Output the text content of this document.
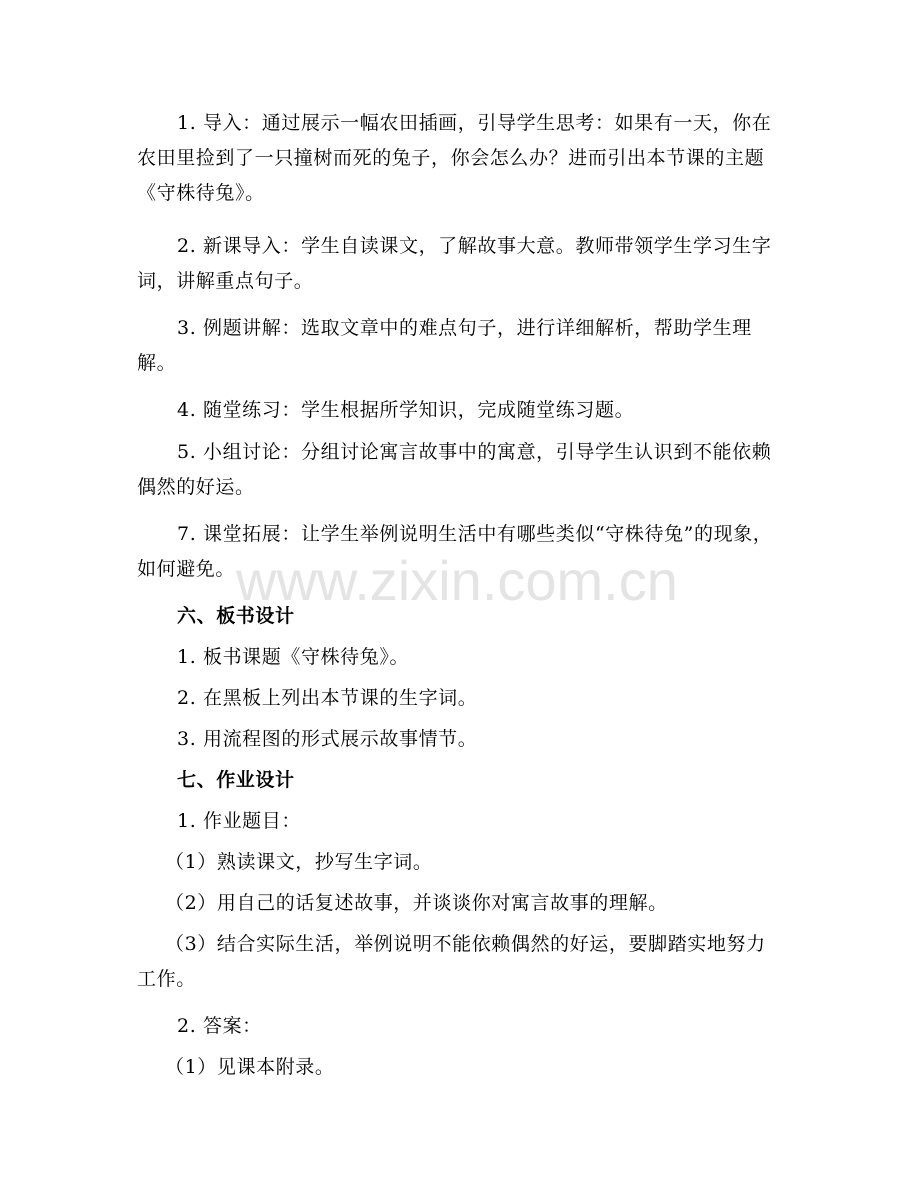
1. 导入：通过展示一幅农田插画，引导学生思考：如果有一天，你在农田里捡到了一只撞树而死的兔子，你会怎么办？进而引出本节课的主题《守株待兔》。

2. 新课导入：学生自读课文，了解故事大意。教师带领学生学习生字词，讲解重点句子。

3. 例题讲解：选取文章中的难点句子，进行详细解析，帮助学生理解。

4. 随堂练习：学生根据所学知识，完成随堂练习题。

5. 小组讨论：分组讨论寓言故事中的寓意，引导学生认识到不能依赖偶然的好运。

7. 课堂拓展：让学生举例说明生活中有哪些类似“守株待兔”的现象，如何避免。

六、板书设计

1. 板书课题《守株待兔》。

2. 在黑板上列出本节课的生字词。

3. 用流程图的形式展示故事情节。

七、作业设计

1. 作业题目：

（1）熟读课文，抄写生字词。

（2）用自己的话复述故事，并谈谈你对寓言故事的理解。

（3）结合实际生活，举例说明不能依赖偶然的好运，要脚踏实地努力工作。

2. 答案：

（1）见课本附录。

www.zixin.com.cn
